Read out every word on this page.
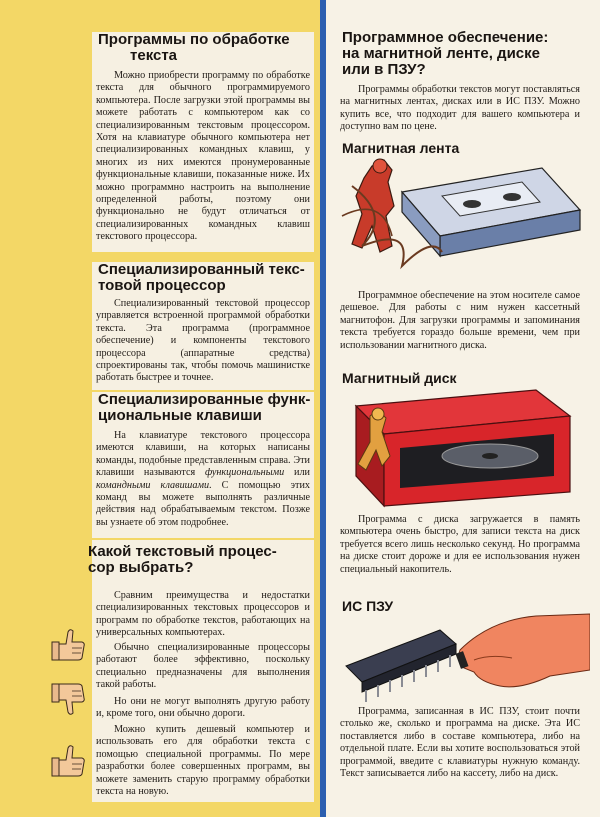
Программы по обработке
текста

Можно приобрести программу по обработке текста для обычного программируемого компьютера. После загрузки этой программы вы можете работать с компьютером как со специализированным текстовым процессором. Хотя на клавиатуре обычного компьютера нет специализированных командных клавиш, у многих из них имеются пронумерованные функциональные клавиши, показанные ниже. Их можно программно настроить на выполнение определенной работы, поэтому они функционально не будут отличаться от специализированных командных клавиш текстового процессора.

Специализированный текс-
товой процессор

Специализированный текстовой процессор управляется встроенной программой обработки текста. Эта программа (программное обеспечение) и компоненты текстового процессора (аппаратные средства) спроектированы так, чтобы помочь машинистке работать быстрее и точнее.

Специализированные функ-
циональные клавиши

На клавиатуре текстового процессора имеются клавиши, на которых написаны команды, подобные представленным справа. Эти клавиши называются функциональными или командными клавишами. С помощью этих команд вы можете выполнять различные действия над обрабатываемым текстом. Позже вы узнаете об этом подробнее.

Какой текстовый процес-
сор выбрать?

Сравним преимущества и недостатки специализированных текстовых процессоров и программ по обработке текстов, работающих на универсальных компьютерах.

Обычно специализированные процессоры работают более эффективно, поскольку специально предназначены для выполнения такой работы.

Но они не могут выполнять другую работу и, кроме того, они обычно дороги.

Можно купить дешевый компьютер и использовать его для обработки текста с помощью специальной программы. По мере разработки более совершенных программ, вы можете заменить старую программу обработки текста на новую.

Программное обеспечение:
на магнитной ленте, диске
или в ПЗУ?

Программы обработки текстов могут поставляться на магнитных лентах, дисках или в ИС ПЗУ. Можно купить все, что подходит для вашего компьютера и доступно вам по цене.

Магнитная лента

Программное обеспечение на этом носителе самое дешевое. Для работы с ним нужен кассетный магнитофон. Для загрузки программы и запоминания текста требуется гораздо больше времени, чем при использовании магнитного диска.

Магнитный диск

Программа с диска загружается в память компьютера очень быстро, для записи текста на диск требуется всего лишь несколько секунд. Но программа на диске стоит дороже и для ее использования нужен специальный накопитель.

ИС ПЗУ

Программа, записанная в ИС ПЗУ, стоит почти столько же, сколько и программа на диске. Эта ИС поставляется либо в составе компьютера, либо на отдельной плате. Если вы хотите воспользоваться этой программой, введите с клавиатуры нужную команду. Текст записывается либо на кассету, либо на диск.
